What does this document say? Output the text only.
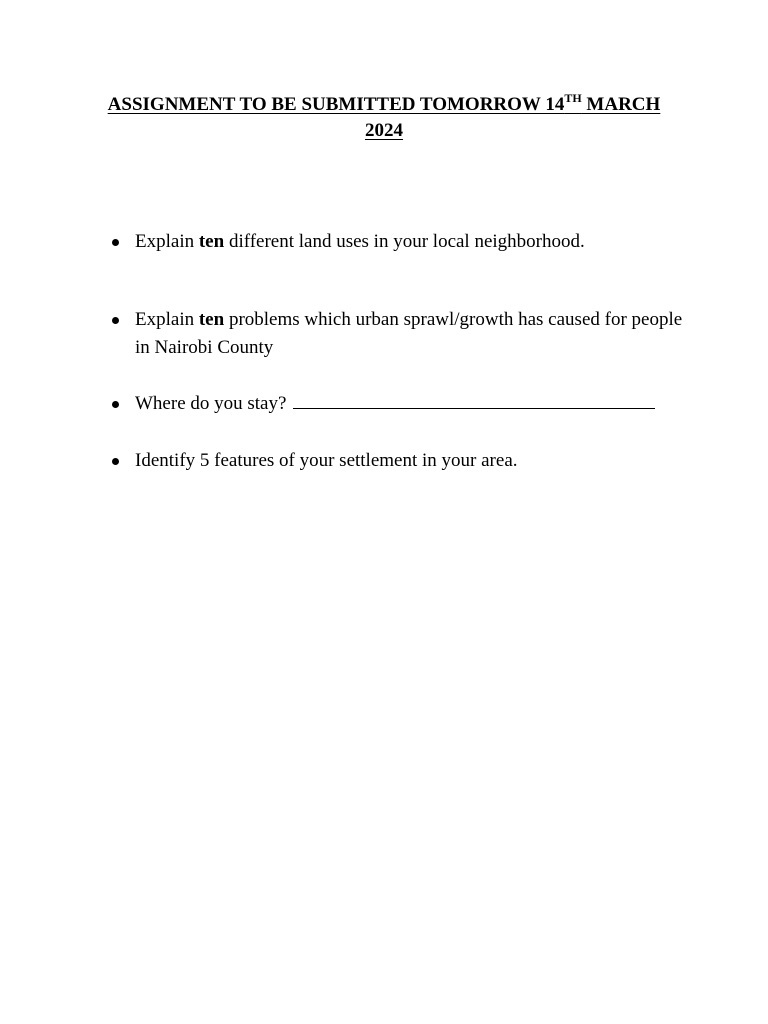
ASSIGNMENT TO BE SUBMITTED TOMORROW 14TH MARCH
2024
Explain ten different land uses in your local neighborhood.
Explain ten problems which urban sprawl/growth has caused for people in Nairobi County
Where do you stay?
Identify 5 features of your settlement in your area.
